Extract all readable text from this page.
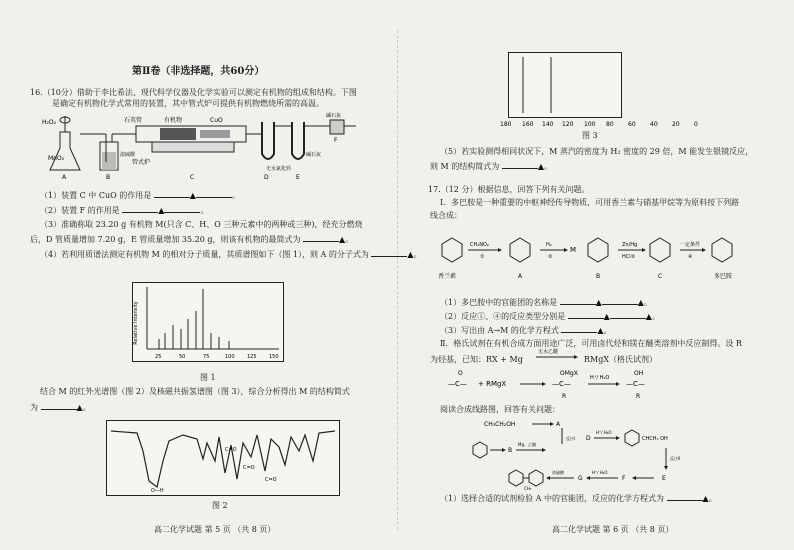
第Ⅱ卷（非选择题，共60分）
16.（10分）借助于李比希法、现代科学仪器及化学实验可以测定有机物的组成和结构。下图
是确定有机物化学式常用的装置，其中管式炉可提供有机物燃烧所需的高温。
H₂O₂
MnO₂	浓硫酸
石英管	有机物	CuO
管式炉
无水氯化钙
碱石灰
碱石灰
A	B	C	D	E
F
（1）装置 C 中 CuO 的作用是	▲	。
（2）装置 F 的作用是	▲	。
（3）准确称取 23.20 g 有机物 M(只含 C、H、O 三种元素中的两种或三种)，经充分燃烧
后，D 管质量增加 7.20 g，E 管质量增加 35.20 g，则该有机物的最简式为	▲。
（4）若利用质谱法测定有机物 M 的相对分子质量，其质谱图如下（图 1），则 A 的分子式为	▲。
Relative Intensity
25	50	75	100 125 150
图 1
结合 M 的红外光谱图（图 2）及核磁共振氢谱图（图 3），综合分析得出 M 的结构简式
为	▲。
O—H
C=O
C=O
C=O
图 2
高二化学试题 第 5 页 （共 8 页）
180 160 140 120 100 80 60 40 20 0
图 3
（5）若实验测得相同状况下，M 蒸汽的密度为 H₂ 密度的 29 倍，M 能发生银镜反应，
则 M 的结构简式为	▲。
17.（12 分）根据信息，回答下列有关问题。
Ⅰ．多巴胺是一种重要的中枢神经传导物质，可用香兰素与硝基甲烷等为原料按下列路
线合成：
CH₃NO₂
①
M
H₂
②
Zn/Hg
HCl③
一定条件
④
香兰素	A	B	C	多巴胺
（1）多巴胺中的官能团的名称是	▲	▲。
（2）反应①、④的反应类型分别是	▲	▲。
（3）写出由 A→M 的化学方程式	▲。
Ⅱ．格氏试剂在有机合成方面用途广泛，可用卤代烃和镁在醚类溶剂中反应制得。设 R
为烃基，已知：RX + Mg
无水乙醚
RMgX（格氏试剂）
—C—
O
+ RMgX	—C—
OMgX
R
H⁺/ H₂O
—C—
OH
R
阅读合成线路图，回答有关问题：
CH₃CH₂OH	A
B
Mg、乙醚
反应Ⅰ D
H⁺/ H₂O
CHCH₃ OH
反应Ⅱ
E
F
H⁺/ H₂O
G
浓硫酸
CH₃
（1）选择合适的试剂检验 A 中的官能团，反应的化学方程式为	▲。
高二化学试题 第 6 页 （共 8 页）
